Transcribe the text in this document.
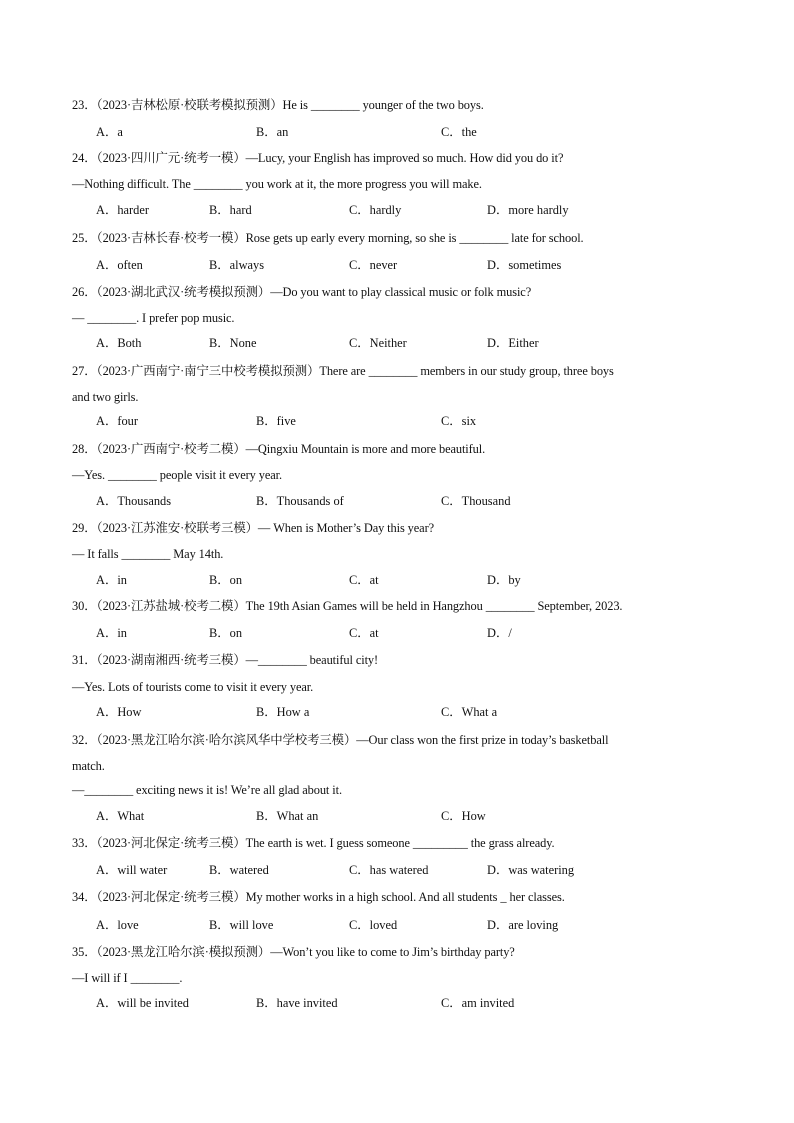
23．（2023·吉林松原·校联考模拟预测）He is ________ younger of the two boys.
A．a	B．an	C．the
24．（2023·四川广元·统考一模）—Lucy, your English has improved so much. How did you do it?
—Nothing difficult. The ________ you work at it, the more progress you will make.
A．harder	B．hard	C．hardly	D．more hardly
25．（2023·吉林长春·校考一模）Rose gets up early every morning, so she is ________ late for school.
A．often	B．always	C．never	D．sometimes
26．（2023·湖北武汉·统考模拟预测）—Do you want to play classical music or folk music?
— ________. I prefer pop music.
A．Both	B．None	C．Neither	D．Either
27．（2023·广西南宁·南宁三中校考模拟预测）There are ________ members in our study group, three boys
and two girls.
A．four	B．five	C．six
28．（2023·广西南宁·校考二模）—Qingxiu Mountain is more and more beautiful.
—Yes. ________ people visit it every year.
A．Thousands	B．Thousands of	C．Thousand
29．（2023·江苏淮安·校联考三模）— When is Mother’s Day this year?
— It falls ________ May 14th.
A．in	B．on	C．at	D．by
30．（2023·江苏盐城·校考二模）The 19th Asian Games will be held in Hangzhou ________ September, 2023.
A．in	B．on	C．at	D．/
31．（2023·湖南湘西·统考三模）—________ beautiful city!
—Yes. Lots of tourists come to visit it every year.
A．How	B．How a	C．What a
32．（2023·黑龙江哈尔滨·哈尔滨风华中学校考三模）—Our class won the first prize in today’s basketball
match.
—________ exciting news it is! We’re all glad about it.
A．What	B．What an	C．How
33．（2023·河北保定·统考三模）The earth is wet. I guess someone _________ the grass already.
A．will water	B．watered	C．has watered	D．was watering
34．（2023·河北保定·统考三模）My mother works in a high school. And all students _ her classes.
A．love	B．will love	C．loved	D．are loving
35．（2023·黑龙江哈尔滨·模拟预测）—Won’t you like to come to Jim’s birthday party?
—I will if I ________.
A．will be invited	B．have invited	C．am invited
